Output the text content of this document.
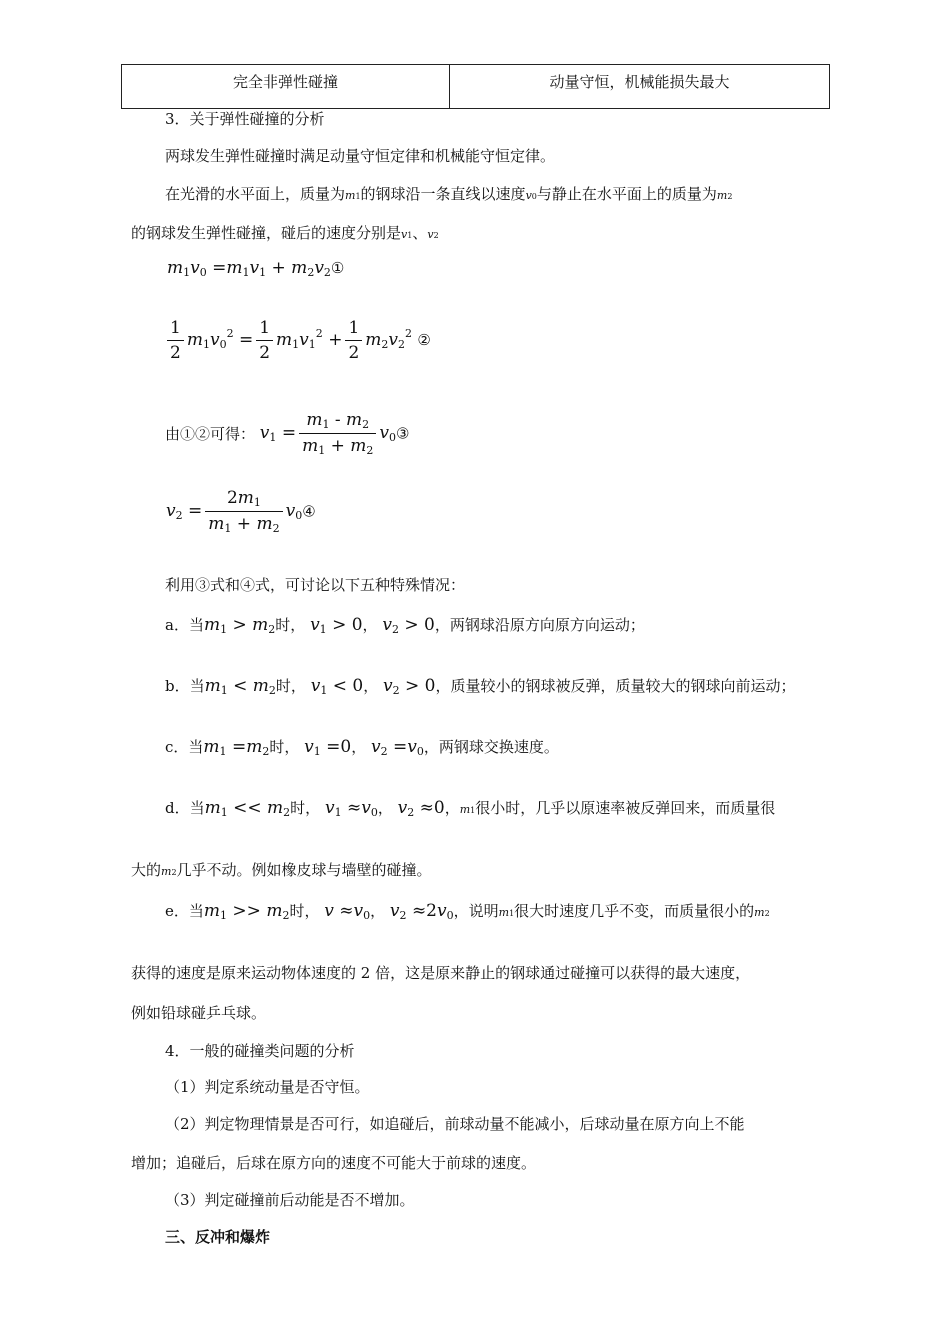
完全非弹性碰撞	动量守恒，机械能损失最大
3．关于弹性碰撞的分析
两球发生弹性碰撞时满足动量守恒定律和机械能守恒定律。
在光滑的水平面上，质量为m1的钢球沿一条直线以速度v0与静止在水平面上的质量为m2
的钢球发生弹性碰撞，碰后的速度分别是v1、v2
$m_1v_0 =m_1v_1$ + $m_2v_2①$
$\frac{1}{2} m_1v_0^2 = \frac{1}{2} m_1v_1^2 + \frac{1}{2} m_2v_2^2$ ②
由①②可得： $v_1 = \frac{m_1 - m_2}{m_1 + m_2}$ $v_0③$
$v_2 = \frac{2m_1}{m_1 + m_2}$ $v_0④$
利用③式和④式，可讨论以下五种特殊情况：
a．当$m_1 > m_2$时， $v_1 > 0$， $v_2 > 0$，两钢球沿原方向原方向运动；
b．当$m_1 < m_2$时， $v_1 < 0$， $v_2 > 0$，质量较小的钢球被反弹，质量较大的钢球向前运动；
c．当$m_1 =m_2$时， $v_1 =0$， $v_2 =v_0$，两钢球交换速度。
d．当$m_1 << m_2$时， $v_1 \approx v_0$， $v_2 \approx 0$，m1很小时，几乎以原速率被反弹回来，而质量很
大的m2几乎不动。例如橡皮球与墙壁的碰撞。
e．当$m_1 >> m_2$时， $v \approx v_0$， $v_2 \approx 2v_0$，说明m1很大时速度几乎不变，而质量很小的m2
获得的速度是原来运动物体速度的 2 倍，这是原来静止的钢球通过碰撞可以获得的最大速度，
例如铅球碰乒乓球。
4．一般的碰撞类问题的分析
（1）判定系统动量是否守恒。
（2）判定物理情景是否可行，如追碰后，前球动量不能减小，后球动量在原方向上不能
增加；追碰后，后球在原方向的速度不可能大于前球的速度。
（3）判定碰撞前后动能是否不增加。
三、反冲和爆炸
